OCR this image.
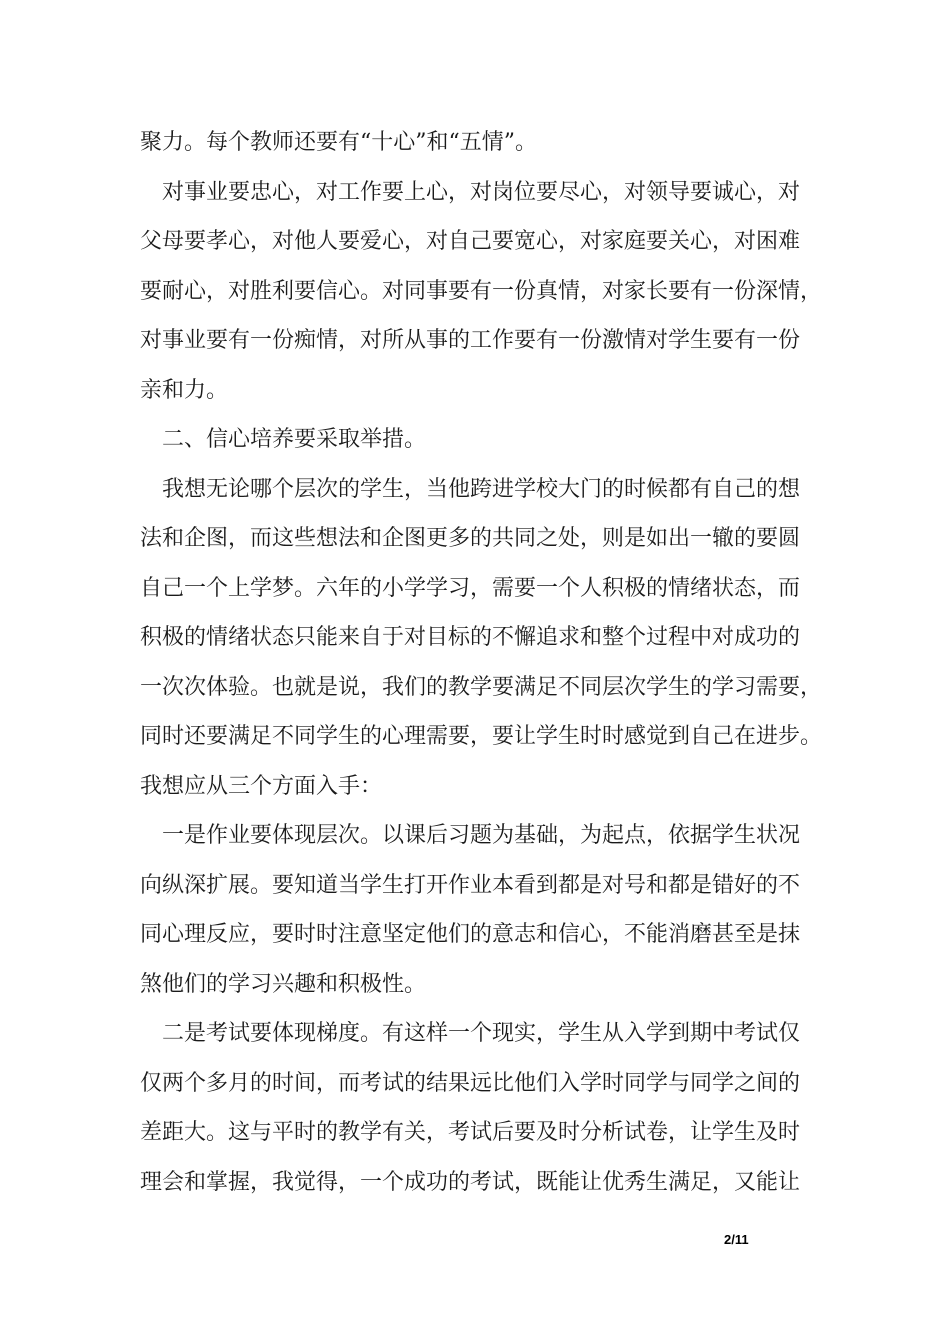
聚力。每个教师还要有“十心”和“五情”。
对事业要忠心，对工作要上心，对岗位要尽心，对领导要诚心，对
父母要孝心，对他人要爱心，对自己要宽心，对家庭要关心，对困难
要耐心，对胜利要信心。对同事要有一份真情，对家长要有一份深情，
对事业要有一份痴情，对所从事的工作要有一份激情对学生要有一份
亲和力。
二、信心培养要采取举措。
我想无论哪个层次的学生，当他跨进学校大门的时候都有自己的想
法和企图，而这些想法和企图更多的共同之处，则是如出一辙的要圆
自己一个上学梦。六年的小学学习，需要一个人积极的情绪状态，而
积极的情绪状态只能来自于对目标的不懈追求和整个过程中对成功的
一次次体验。也就是说，我们的教学要满足不同层次学生的学习需要，
同时还要满足不同学生的心理需要，要让学生时时感觉到自己在进步。
我想应从三个方面入手：
一是作业要体现层次。以课后习题为基础，为起点，依据学生状况
向纵深扩展。要知道当学生打开作业本看到都是对号和都是错好的不
同心理反应，要时时注意坚定他们的意志和信心，不能消磨甚至是抹
煞他们的学习兴趣和积极性。
二是考试要体现梯度。有这样一个现实，学生从入学到期中考试仅
仅两个多月的时间，而考试的结果远比他们入学时同学与同学之间的
差距大。这与平时的教学有关，考试后要及时分析试卷，让学生及时
理会和掌握，我觉得，一个成功的考试，既能让优秀生满足，又能让
2/11
